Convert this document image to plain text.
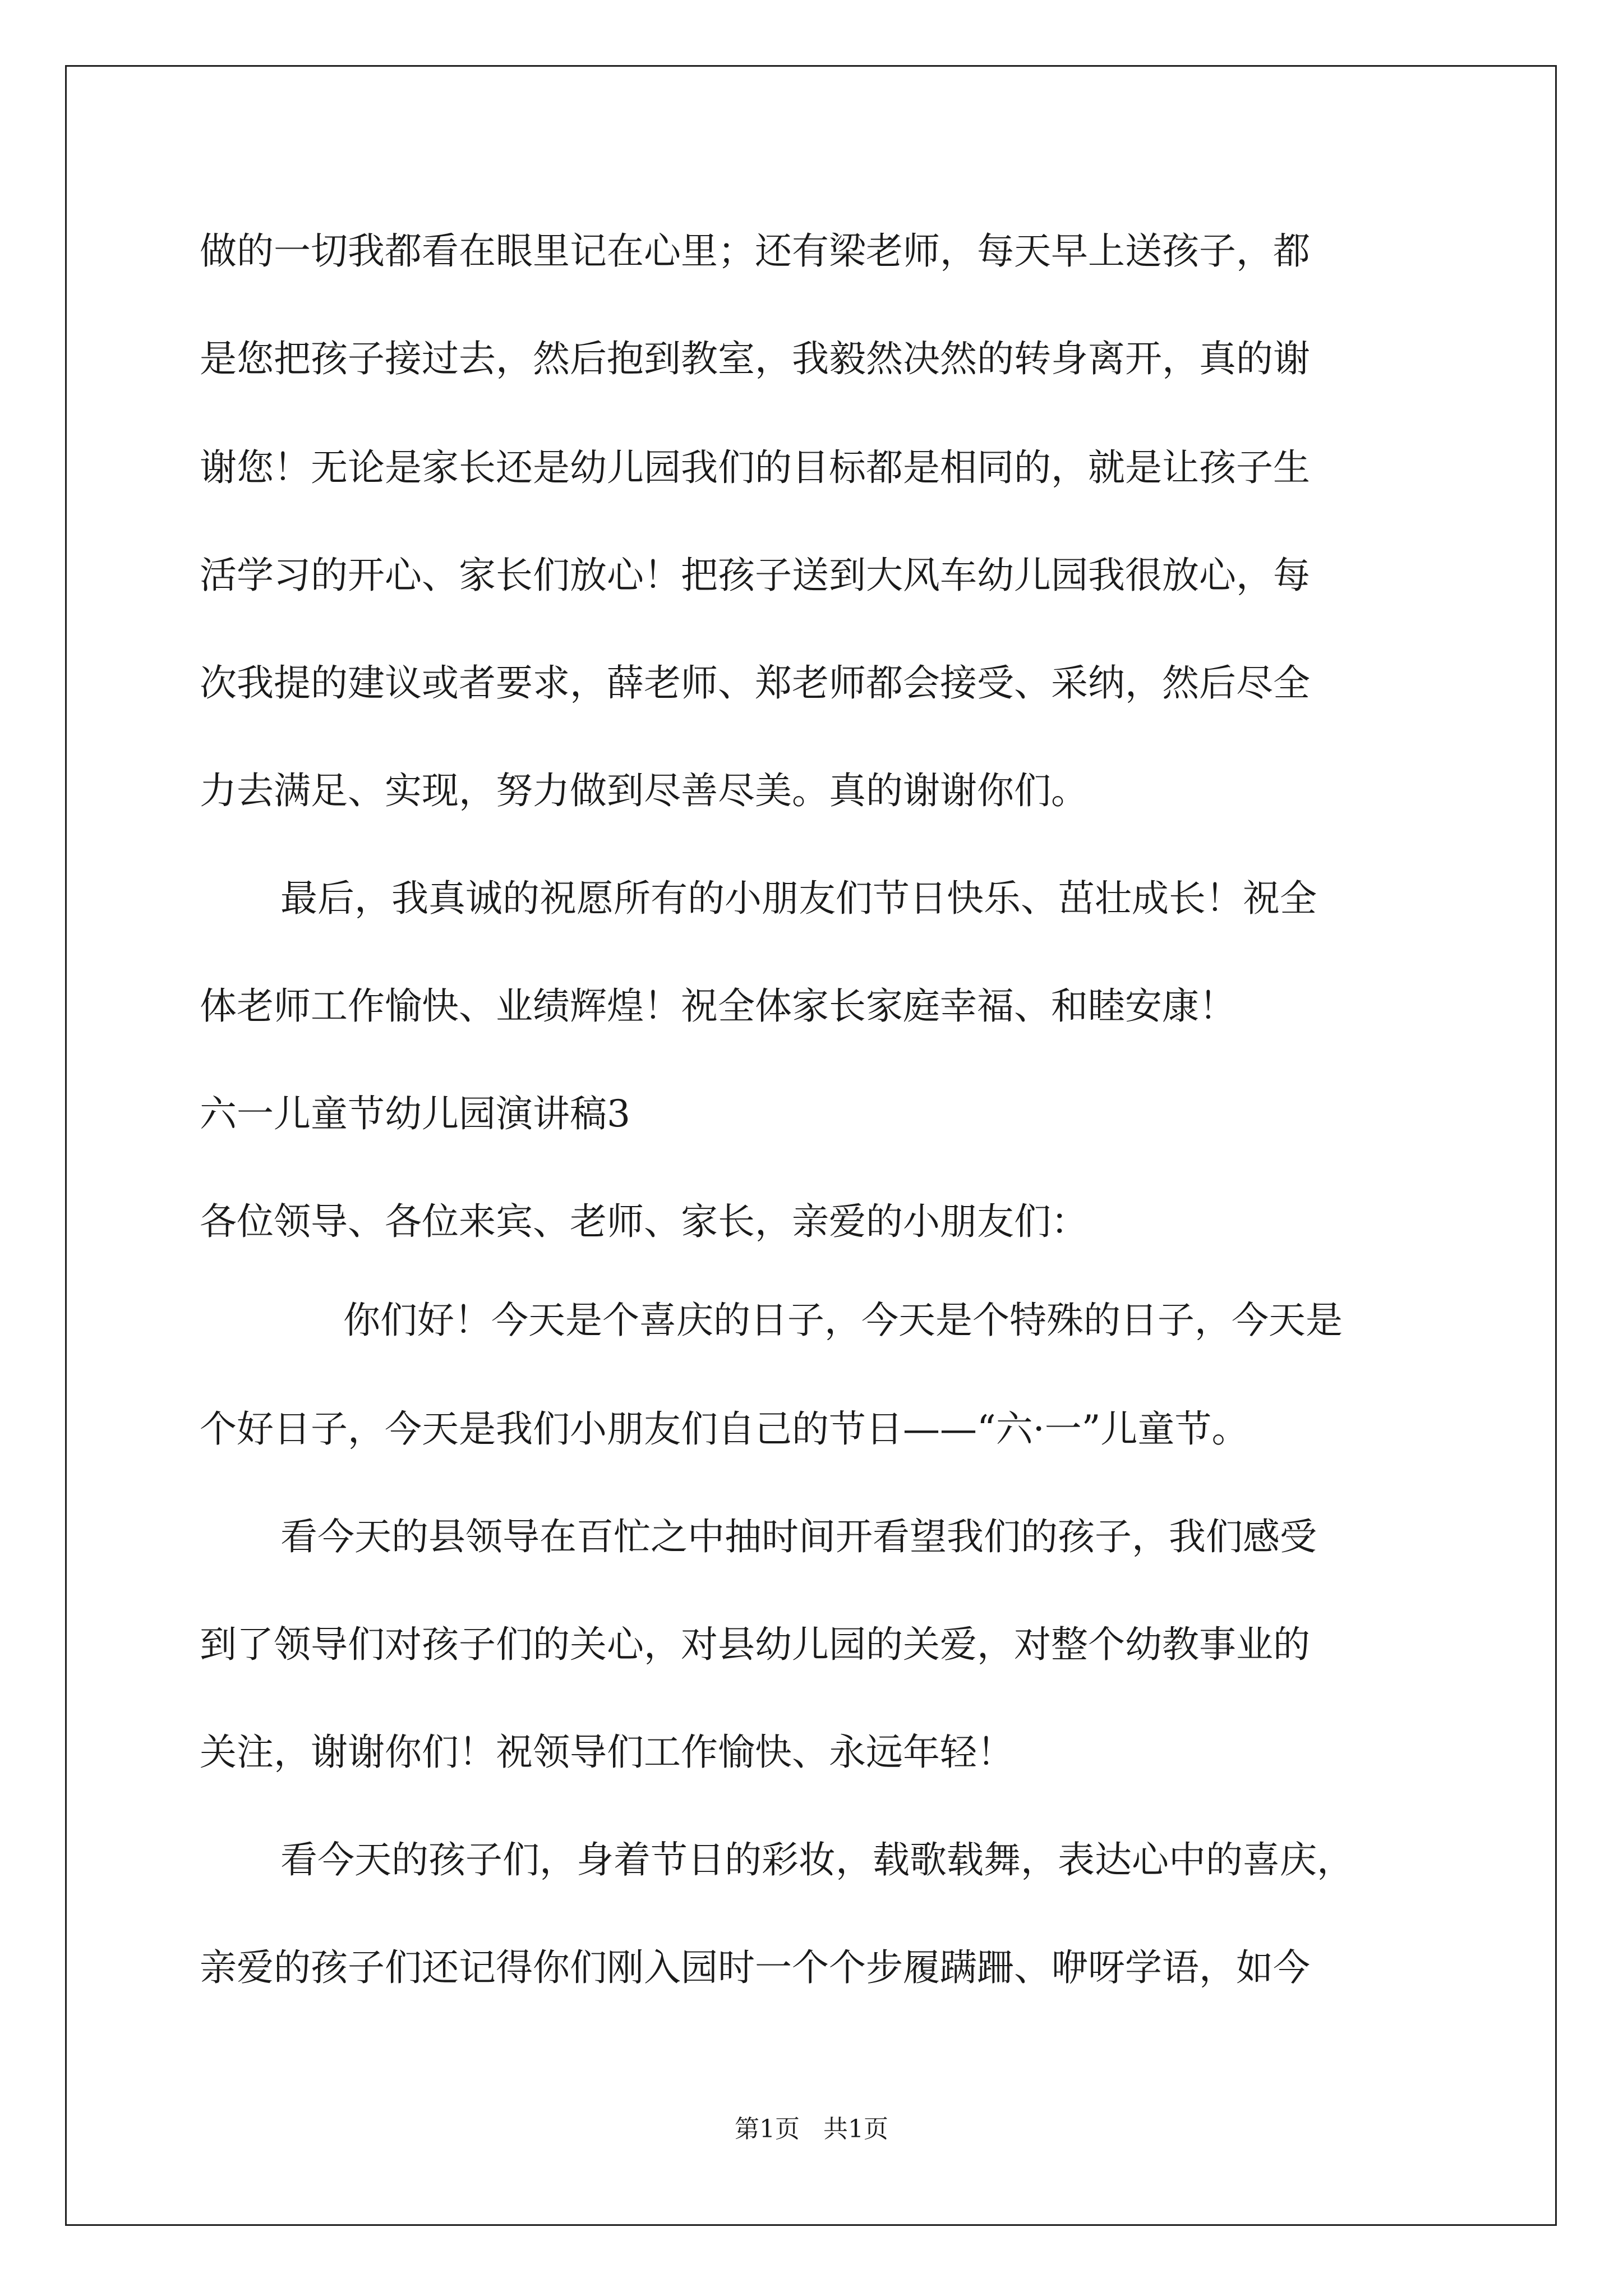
做的一切我都看在眼里记在心里；还有梁老师，每天早上送孩子，都
是您把孩子接过去，然后抱到教室，我毅然决然的转身离开，真的谢
谢您！无论是家长还是幼儿园我们的目标都是相同的，就是让孩子生
活学习的开心、家长们放心！把孩子送到大风车幼儿园我很放心，每
次我提的建议或者要求，薛老师、郑老师都会接受、采纳，然后尽全
力去满足、实现，努力做到尽善尽美。真的谢谢你们。
最后，我真诚的祝愿所有的小朋友们节日快乐、茁壮成长！祝全
体老师工作愉快、业绩辉煌！祝全体家长家庭幸福、和睦安康！
六一儿童节幼儿园演讲稿3
各位领导、各位来宾、老师、家长，亲爱的小朋友们：
你们好！今天是个喜庆的日子，今天是个特殊的日子，今天是
个好日子，今天是我们小朋友们自己的节日——“六·一”儿童节。
看今天的县领导在百忙之中抽时间开看望我们的孩子，我们感受
到了领导们对孩子们的关心，对县幼儿园的关爱，对整个幼教事业的
关注，谢谢你们！祝领导们工作愉快、永远年轻！
看今天的孩子们，身着节日的彩妆，载歌载舞，表达心中的喜庆，
亲爱的孩子们还记得你们刚入园时一个个步履蹒跚、咿呀学语，如今
第1页   共1页
